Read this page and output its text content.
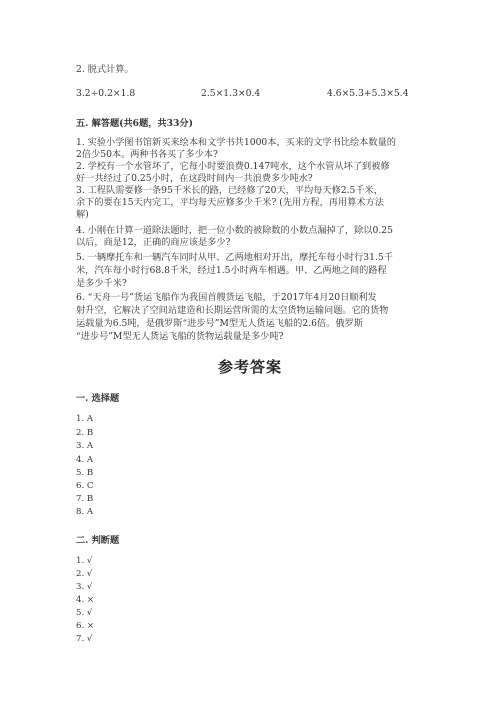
2. 脱式计算。
3.2÷0.2×1.8	2.5×1.3×0.4	4.6×5.3+5.3×5.4
五. 解答题(共6题，共33分)
1. 实验小学图书馆新买来绘本和文学书共1000本，买来的文学书比绘本数量的
2倍少50本。两种书各买了多少本?
2. 学校有一个水管坏了，它每小时要浪费0.147吨水，这个水管从坏了到被修
好一共经过了0.25小时，在这段时间内一共浪费多少吨水?
3. 工程队需要修一条95千米长的路，已经修了20天，平均每天修2.5千米，
余下的要在15天内完工，平均每天应修多少千米? (先用方程，再用算术方法
解)
4. 小刚在计算一道除法题时，把一位小数的被除数的小数点漏掉了，除以0.25
以后，商是12，正确的商应该是多少?
5. 一辆摩托车和一辆汽车同时从甲、乙两地相对开出，摩托车每小时行31.5千
米，汽车每小时行68.8千米，经过1.5小时两车相遇。甲、乙两地之间的路程
是多少千米?
6. “天舟一号”货运飞船作为我国首艘货运飞船，于2017年4月20日顺利发
射升空，它解决了空间站建造和长期运营所需的太空货物运输问题。它的货物
运载量为6.5吨，是俄罗斯“进步号”M型无人货运飞船的2.6倍。俄罗斯
“进步号”M型无人货运飞船的货物运载量是多少吨?
参考答案
一. 选择题
1. A
2. B
3. A
4. A
5. B
6. C
7. B
8. A
二. 判断题
1. √
2. √
3. √
4. ×
5. √
6. ×
7. √
